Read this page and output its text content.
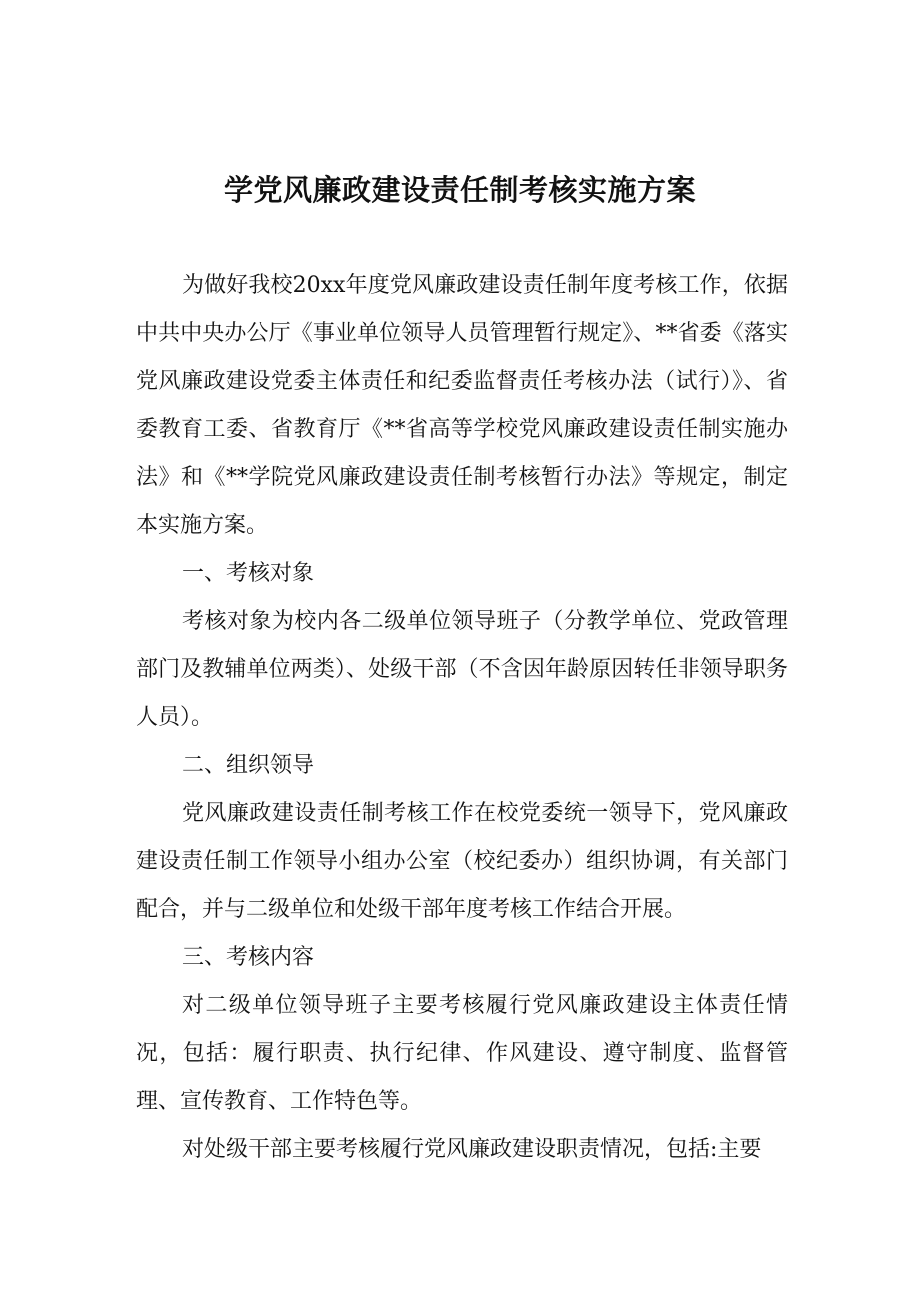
学党风廉政建设责任制考核实施方案

为做好我校20xx年度党风廉政建设责任制年度考核工作，依据中共中央办公厅《事业单位领导人员管理暂行规定》、**省委《落实党风廉政建设党委主体责任和纪委监督责任考核办法（试行）》、省委教育工委、省教育厅《**省高等学校党风廉政建设责任制实施办法》和《**学院党风廉政建设责任制考核暂行办法》等规定，制定本实施方案。

一、考核对象

考核对象为校内各二级单位领导班子（分教学单位、党政管理部门及教辅单位两类）、处级干部（不含因年龄原因转任非领导职务人员）。

二、组织领导

党风廉政建设责任制考核工作在校党委统一领导下，党风廉政建设责任制工作领导小组办公室（校纪委办）组织协调，有关部门配合，并与二级单位和处级干部年度考核工作结合开展。

三、考核内容

对二级单位领导班子主要考核履行党风廉政建设主体责任情况，包括：履行职责、执行纪律、作风建设、遵守制度、监督管理、宣传教育、工作特色等。

对处级干部主要考核履行党风廉政建设职责情况，包括:主要
